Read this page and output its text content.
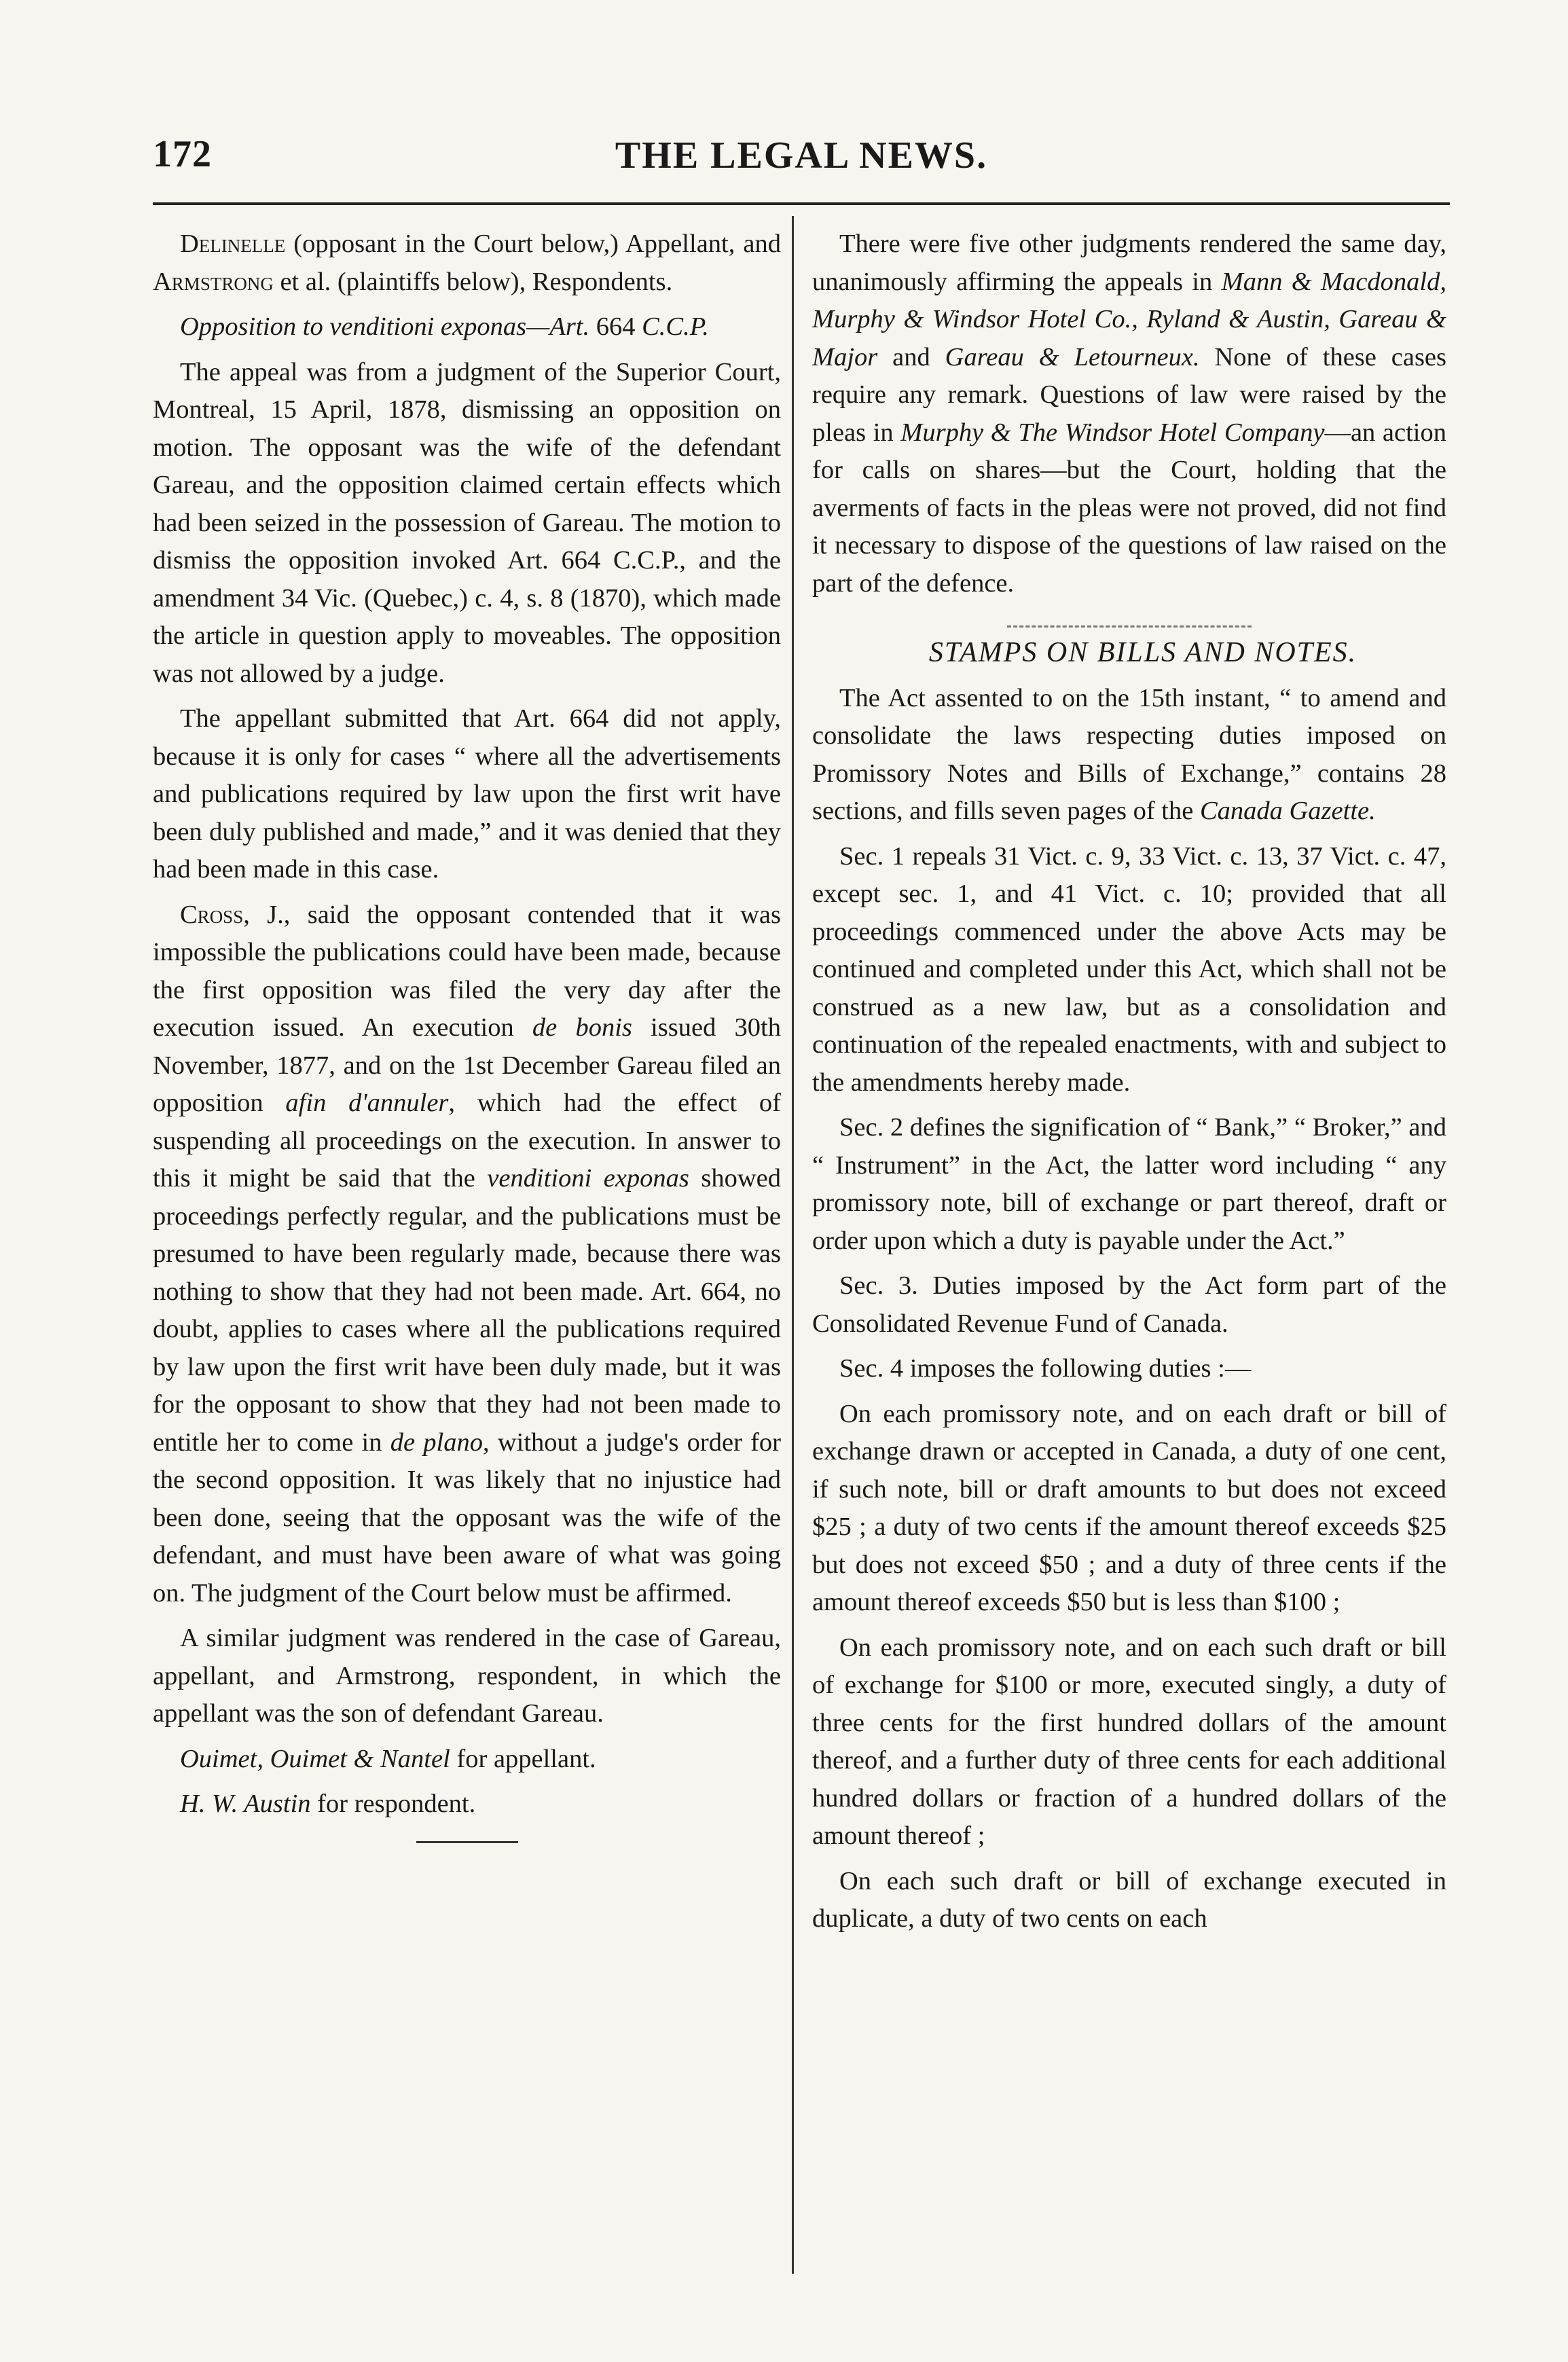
172	THE LEGAL NEWS.

Delinelle (opposant in the Court below,) Appellant, and Armstrong et al. (plaintiffs below), Respondents.

Opposition to venditioni exponas—Art. 664 C.C.P.

The appeal was from a judgment of the Superior Court, Montreal, 15 April, 1878, dismissing an opposition on motion. The opposant was the wife of the defendant Gareau, and the opposition claimed certain effects which had been seized in the possession of Gareau. The motion to dismiss the opposition invoked Art. 664 C.C.P., and the amendment 34 Vic. (Quebec,) c. 4, s. 8 (1870), which made the article in question apply to moveables. The opposition was not allowed by a judge.

The appellant submitted that Art. 664 did not apply, because it is only for cases “ where all the advertisements and publications required by law upon the first writ have been duly published and made,” and it was denied that they had been made in this case.

Cross, J., said the opposant contended that it was impossible the publications could have been made, because the first opposition was filed the very day after the execution issued. An execution de bonis issued 30th November, 1877, and on the 1st December Gareau filed an opposition afin d'annuler, which had the effect of suspending all proceedings on the execution. In answer to this it might be said that the venditioni exponas showed proceedings perfectly regular, and the publications must be presumed to have been regularly made, because there was nothing to show that they had not been made. Art. 664, no doubt, applies to cases where all the publications required by law upon the first writ have been duly made, but it was for the opposant to show that they had not been made to entitle her to come in de plano, without a judge's order for the second opposition. It was likely that no injustice had been done, seeing that the opposant was the wife of the defendant, and must have been aware of what was going on. The judgment of the Court below must be affirmed.

A similar judgment was rendered in the case of Gareau, appellant, and Armstrong, respondent, in which the appellant was the son of defendant Gareau.

Ouimet, Ouimet & Nantel for appellant.

H. W. Austin for respondent.

There were five other judgments rendered the same day, unanimously affirming the appeals in Mann & Macdonald, Murphy & Windsor Hotel Co., Ryland & Austin, Gareau & Major and Gareau & Letourneux. None of these cases require any remark. Questions of law were raised by the pleas in Murphy & The Windsor Hotel Company—an action for calls on shares—but the Court, holding that the averments of facts in the pleas were not proved, did not find it necessary to dispose of the questions of law raised on the part of the defence.

STAMPS ON BILLS AND NOTES.

The Act assented to on the 15th instant, “ to amend and consolidate the laws respecting duties imposed on Promissory Notes and Bills of Exchange,” contains 28 sections, and fills seven pages of the Canada Gazette.

Sec. 1 repeals 31 Vict. c. 9, 33 Vict. c. 13, 37 Vict. c. 47, except sec. 1, and 41 Vict. c. 10; provided that all proceedings commenced under the above Acts may be continued and completed under this Act, which shall not be construed as a new law, but as a consolidation and continuation of the repealed enactments, with and subject to the amendments hereby made.

Sec. 2 defines the signification of “ Bank,” “ Broker,” and “ Instrument” in the Act, the latter word including “ any promissory note, bill of exchange or part thereof, draft or order upon which a duty is payable under the Act.”

Sec. 3. Duties imposed by the Act form part of the Consolidated Revenue Fund of Canada.

Sec. 4 imposes the following duties :—

On each promissory note, and on each draft or bill of exchange drawn or accepted in Canada, a duty of one cent, if such note, bill or draft amounts to but does not exceed $25 ; a duty of two cents if the amount thereof exceeds $25 but does not exceed $50 ; and a duty of three cents if the amount thereof exceeds $50 but is less than $100 ;

On each promissory note, and on each such draft or bill of exchange for $100 or more, executed singly, a duty of three cents for the first hundred dollars of the amount thereof, and a further duty of three cents for each additional hundred dollars or fraction of a hundred dollars of the amount thereof ;

On each such draft or bill of exchange executed in duplicate, a duty of two cents on each
